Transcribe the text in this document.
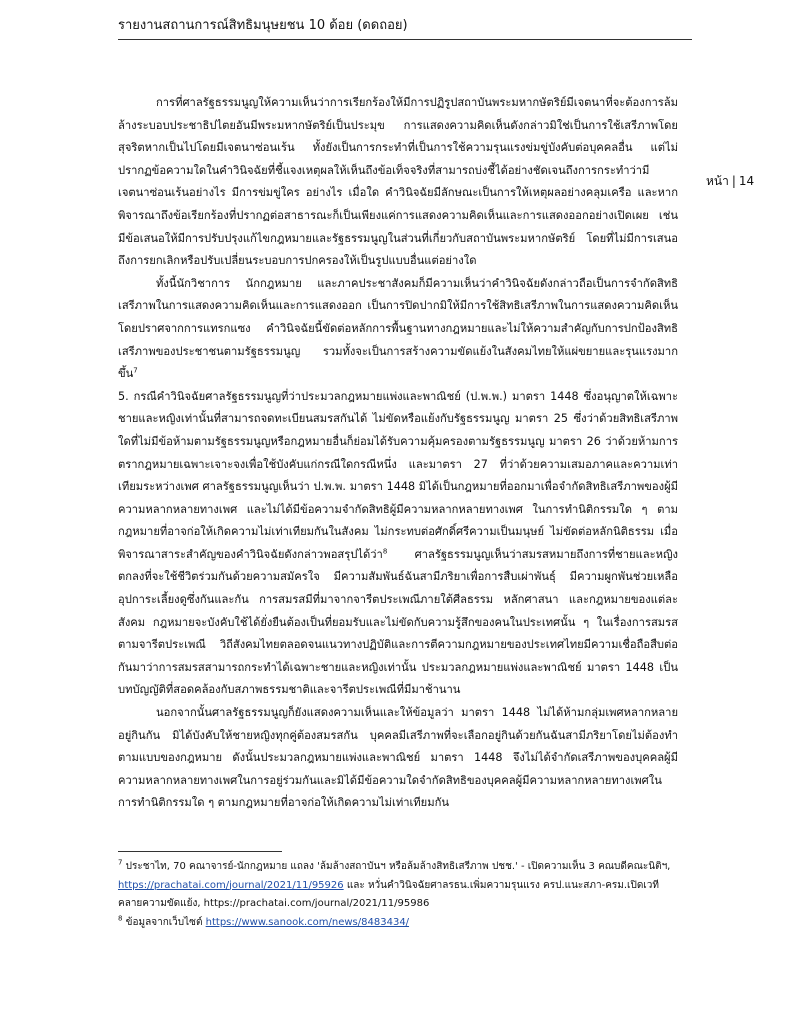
รายงานสถานการณ์สิทธิมนุษยชน 10 ด้อย (ดดถอย)
หน้า | 14

การที่ศาลรัฐธรรมนูญให้ความเห็นว่าการเรียกร้องให้มีการปฏิรูปสถาบันพระมหากษัตริย์มีเจตนาที่จะต้องการล้มล้างระบอบประชาธิปไตยอันมีพระมหากษัตริย์เป็นประมุข การแสดงความคิดเห็นดังกล่าวมิใช่เป็นการใช้เสรีภาพโดยสุจริตหากเป็นไปโดยมีเจตนาซ่อนเร้น ทั้งยังเป็นการกระทำที่เป็นการใช้ความรุนแรงข่มขู่บังคับต่อบุคคลอื่น แต่ไม่ปรากฏข้อความใดในคำวินิจฉัยที่ชี้แจงเหตุผลให้เห็นถึงข้อเท็จจริงที่สามารถบ่งชี้ได้อย่างชัดเจนถึงการกระทำว่ามีเจตนาซ่อนเร้นอย่างไร มีการข่มขู่ใคร อย่างไร เมื่อใด คำวินิจฉัยมีลักษณะเป็นการให้เหตุผลอย่างคลุมเครือ และหากพิจารณาถึงข้อเรียกร้องที่ปรากฏต่อสาธารณะก็เป็นเพียงแค่การแสดงความคิดเห็นและการแสดงออกอย่างเปิดเผย เช่น มีข้อเสนอให้มีการปรับปรุงแก้ไขกฎหมายและรัฐธรรมนูญในส่วนที่เกี่ยวกับสถาบันพระมหากษัตริย์ โดยที่ไม่มีการเสนอถึงการยกเลิกหรือปรับเปลี่ยนระบอบการปกครองให้เป็นรูปแบบอื่นแต่อย่างใด

ทั้งนี้นักวิชาการ นักกฎหมาย และภาคประชาสังคมก็มีความเห็นว่าคำวินิจฉัยดังกล่าวถือเป็นการจำกัดสิทธิเสรีภาพในการแสดงความคิดเห็นและการแสดงออก เป็นการปิดปากมิให้มีการใช้สิทธิเสรีภาพในการแสดงความคิดเห็นโดยปราศจากการแทรกแซง คำวินิจฉัยนี้ขัดต่อหลักการพื้นฐานทางกฎหมายและไม่ให้ความสำคัญกับการปกป้องสิทธิเสรีภาพของประชาชนตามรัฐธรรมนูญ รวมทั้งจะเป็นการสร้างความขัดแย้งในสังคมไทยให้แผ่ขยายและรุนแรงมากขึ้น$^7$

5. กรณีคำวินิจฉัยศาลรัฐธรรมนูญที่ว่าประมวลกฎหมายแพ่งและพาณิชย์ (ป.พ.พ.) มาตรา 1448 ซึ่งอนุญาตให้เฉพาะชายและหญิงเท่านั้นที่สามารถจดทะเบียนสมรสกันได้ ไม่ขัดหรือแย้งกับรัฐธรรมนูญ มาตรา 25 ซึ่งว่าด้วยสิทธิเสรีภาพใดที่ไม่มีข้อห้ามตามรัฐธรรมนูญหรือกฎหมายอื่นก็ย่อมได้รับความคุ้มครองตามรัฐธรรมนูญ มาตรา 26 ว่าด้วยห้ามการตรากฎหมายเฉพาะเจาะจงเพื่อใช้บังคับแก่กรณีใดกรณีหนึ่ง และมาตรา 27 ที่ว่าด้วยความเสมอภาคและความเท่าเทียมระหว่างเพศ ศาลรัฐธรรมนูญเห็นว่า ป.พ.พ. มาตรา 1448 มิได้เป็นกฎหมายที่ออกมาเพื่อจำกัดสิทธิเสรีภาพของผู้มีความหลากหลายทางเพศ และไม่ได้มีข้อความจำกัดสิทธิผู้มีความหลากหลายทางเพศ ในการทำนิติกรรมใด ๆ ตามกฎหมายที่อาจก่อให้เกิดความไม่เท่าเทียมกันในสังคม ไม่กระทบต่อศักดิ์ศรีความเป็นมนุษย์ ไม่ขัดต่อหลักนิติธรรม เมื่อพิจารณาสาระสำคัญของคำวินิจฉัยดังกล่าวพอสรุปได้ว่า$^8$ ศาลรัฐธรรมนูญเห็นว่าสมรสหมายถึงการที่ชายและหญิงตกลงที่จะใช้ชีวิตร่วมกันด้วยความสมัครใจ มีความสัมพันธ์ฉันสามีภริยาเพื่อการสืบเผ่าพันธุ์ มีความผูกพันช่วยเหลืออุปการะเลี้ยงดูซึ่งกันและกัน การสมรสมีที่มาจากจารีตประเพณีภายใต้ศีลธรรม หลักศาสนา และกฎหมายของแต่ละสังคม กฎหมายจะบังคับใช้ได้ยั่งยืนต้องเป็นที่ยอมรับและไม่ขัดกับความรู้สึกของคนในประเทศนั้น ๆ ในเรื่องการสมรสตามจารีตประเพณี วิถีสังคมไทยตลอดจนแนวทางปฏิบัติและการตีความกฎหมายของประเทศไทยมีความเชื่อถือสืบต่อกันมาว่าการสมรสสามารถกระทำได้เฉพาะชายและหญิงเท่านั้น ประมวลกฎหมายแพ่งและพาณิชย์ มาตรา 1448 เป็นบทบัญญัติที่สอดคล้องกับสภาพธรรมชาติและจารีตประเพณีที่มีมาช้านาน

นอกจากนั้นศาลรัฐธรรมนูญก็ยังแสดงความเห็นและให้ข้อมูลว่า มาตรา 1448 ไม่ได้ห้ามกลุ่มเพศหลากหลายอยู่กินกัน มิได้บังคับให้ชายหญิงทุกคู่ต้องสมรสกัน บุคคลมีเสรีภาพที่จะเลือกอยู่กินด้วยกันฉันสามีภริยาโดยไม่ต้องทำตามแบบของกฎหมาย ดังนั้นประมวลกฎหมายแพ่งและพาณิชย์ มาตรา 1448 จึงไม่ได้จำกัดเสรีภาพของบุคคลผู้มีความหลากหลายทางเพศในการอยู่ร่วมกันและมิได้มีข้อความใดจำกัดสิทธิของบุคคลผู้มีความหลากหลายทางเพศในการทำนิติกรรมใด ๆ ตามกฎหมายที่อาจก่อให้เกิดความไม่เท่าเทียมกัน

$^7$ ประชาไท, 70 คณาจารย์-นักกฎหมาย แถลง 'ล้มล้างสถาบันฯ หรือล้มล้างสิทธิเสรีภาพ ปชช.' - เปิดความเห็น 3 คณบดีคณะนิติฯ, https://prachatai.com/journal/2021/11/95926 และ หวั่นคำวินิจฉัยศาลรธน.เพิ่มความรุนแรง ครป.แนะสภา-ครม.เปิดเวทีคลายความขัดแย้ง, https://prachatai.com/journal/2021/11/95986

$^8$ ข้อมูลจากเว็บไซต์ https://www.sanook.com/news/8483434/
